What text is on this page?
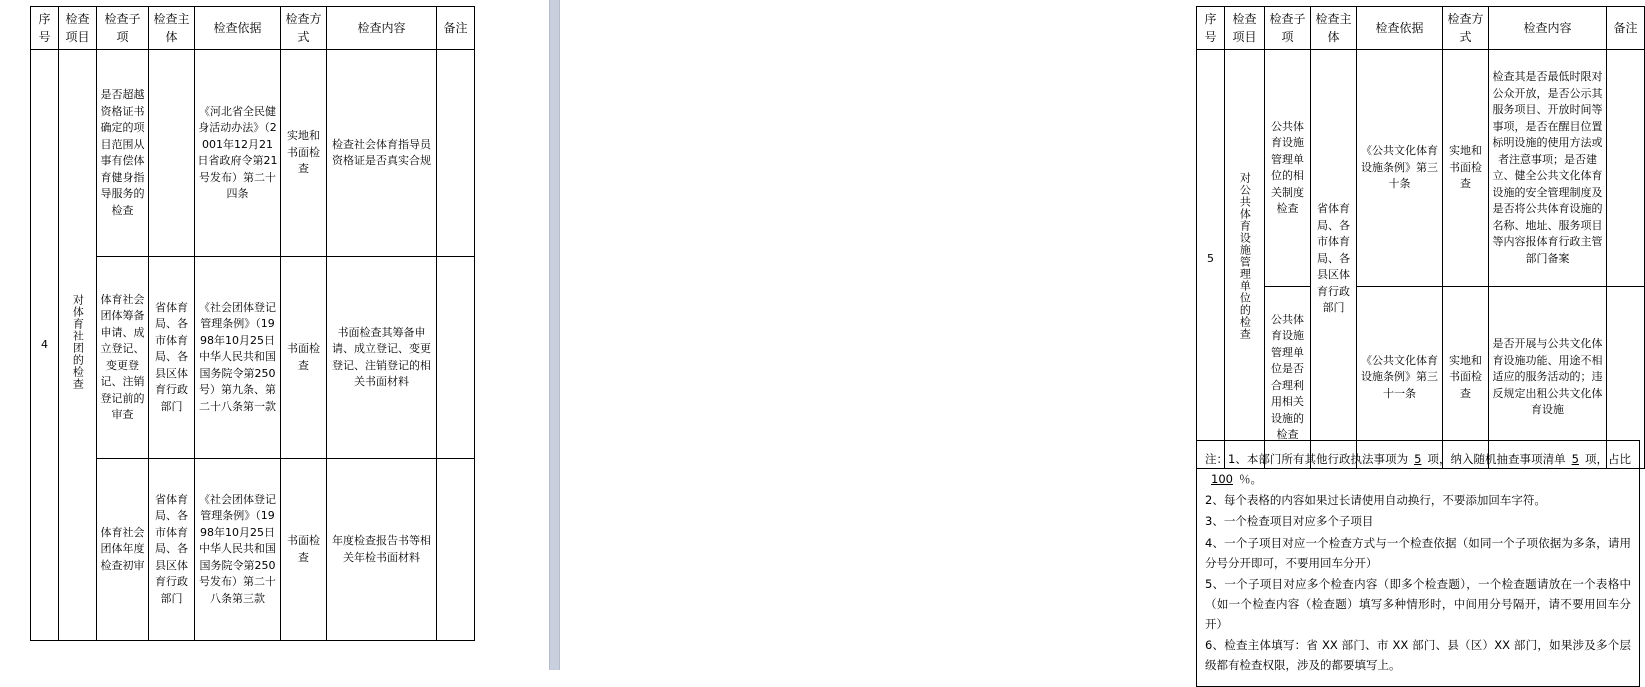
序号	检查项目	检查子项	检查主体	检查依据	检查方式	检查内容	备注
4	对体育社团的检查	是否超越资格证书确定的项目范围从事有偿体育健身指导服务的检查		《河北省全民健身活动办法》（2001年12月21日省政府令第21号发布）第二十四条	实地和书面检查	检查社会体育指导员资格证是否真实合规	
		体育社会团体筹备申请、成立登记、变更登记、注销登记前的审查	省体育局、各市体育局、各县区体育行政部门	《社会团体登记管理条例》（1998年10月25日中华人民共和国国务院令第250号）第九条、第二十八条第一款	书面检查	书面检查其筹备申请、成立登记、变更登记、注销登记的相关书面材料	
		体育社会团体年度检查初审	省体育局、各市体育局、各县区体育行政部门	《社会团体登记管理条例》（1998年10月25日中华人民共和国国务院令第250号发布）第二十八条第三款	书面检查	年度检查报告书等相关年检书面材料	
序号	检查项目	检查子项	检查主体	检查依据	检查方式	检查内容	备注
5	对公共体育设施管理单位的检查	公共体育设施管理单位的相关制度检查	省体育局、各市体育局、各县区体育行政部门	《公共文化体育设施条例》第三十条	实地和书面检查	检查其是否最低时限对公众开放，是否公示其服务项目、开放时间等事项，是否在醒目位置标明设施的使用方法或者注意事项；是否建立、健全公共文化体育设施的安全管理制度及是否将公共体育设施的名称、地址、服务项目等内容报体育行政主管部门备案	
		公共体育设施管理单位是否合理利用相关设施的检查		《公共文化体育设施条例》第三十一条	实地和书面检查	是否开展与公共文化体育设施功能、用途不相适应的服务活动的；违反规定出租公共文化体育设施	

注：1、本部门所有其他行政执法事项为 5 项，纳入随机抽查事项清单 5 项，占比100 ％。

2、每个表格的内容如果过长请使用自动换行，不要添加回车字符。

3、一个检查项目对应多个子项目

4、一个子项目对应一个检查方式与一个检查依据（如同一个子项依据为多条，请用分号分开即可，不要用回车分开）

5、一个子项目对应多个检查内容（即多个检查题），一个检查题请放在一个表格中（如一个检查内容（检查题）填写多种情形时，中间用分号隔开，请不要用回车分开）

6、检查主体填写：省 XX 部门、市 XX 部门、县（区）XX 部门，如果涉及多个层级都有检查权限，涉及的都要填写上。
